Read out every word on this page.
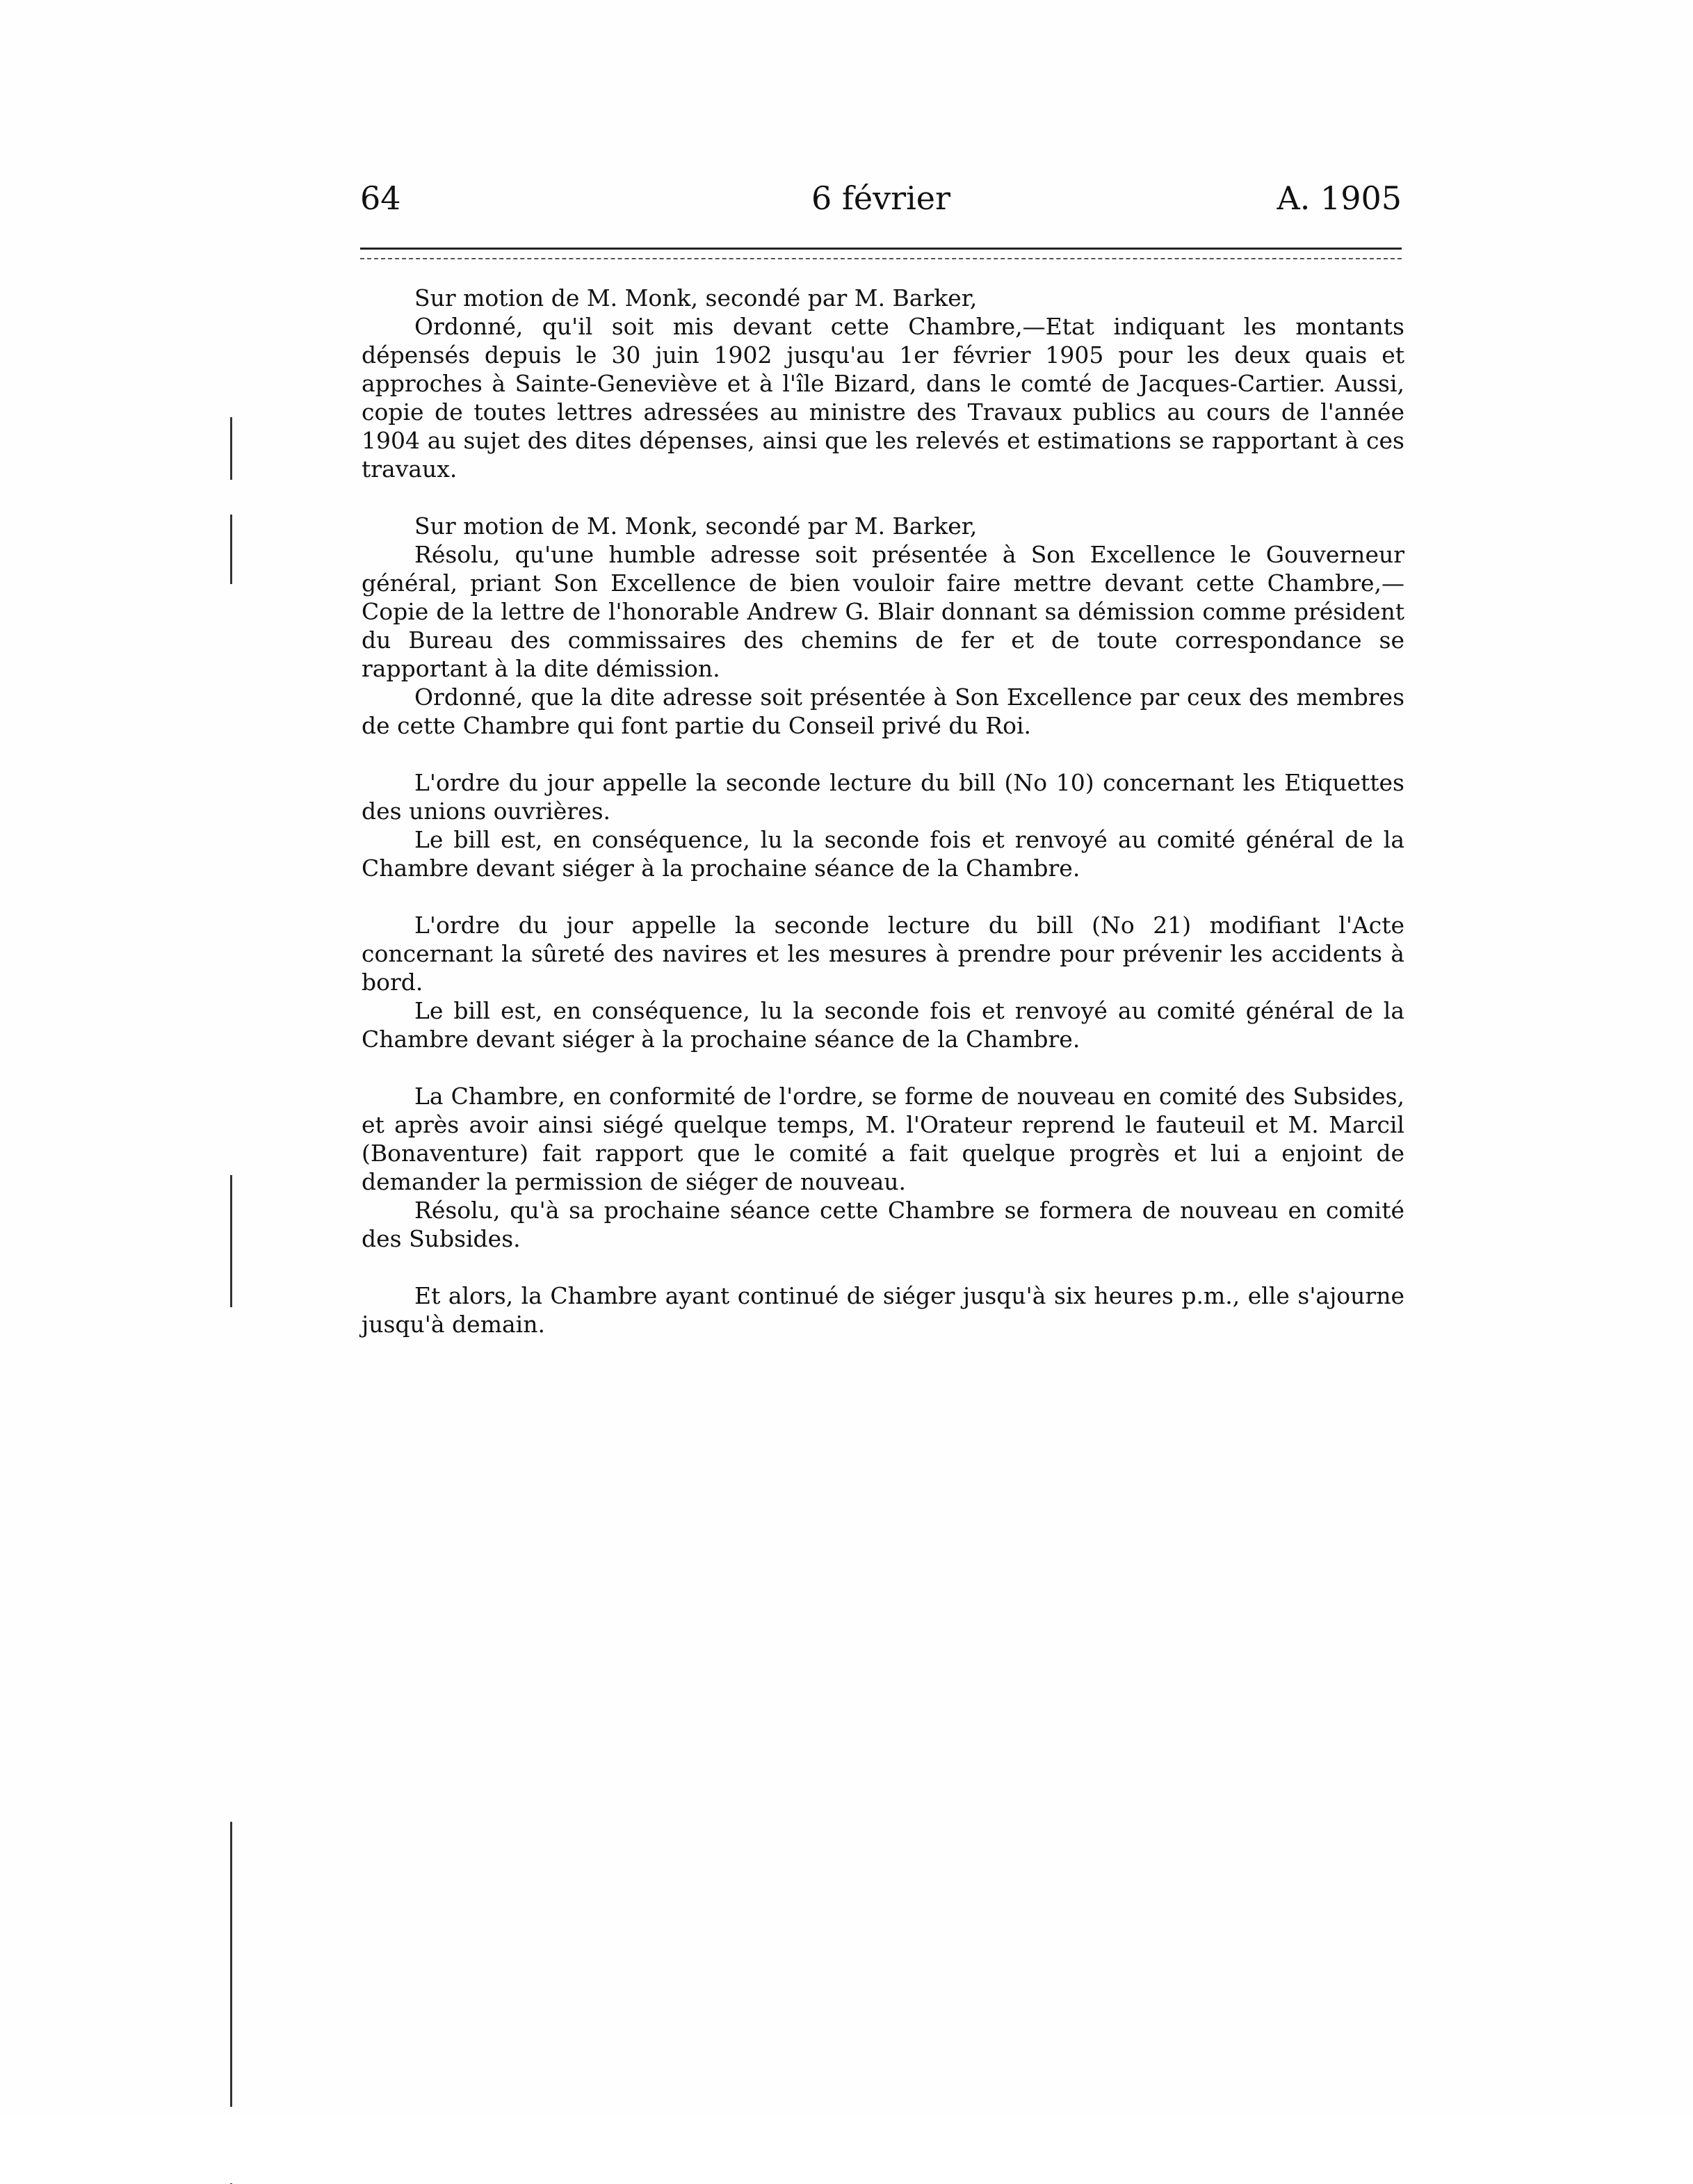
64	6 février	A. 1905

Sur motion de M. Monk, secondé par M. Barker,

Ordonné, qu'il soit mis devant cette Chambre,—Etat indiquant les montants dépensés depuis le 30 juin 1902 jusqu'au 1er février 1905 pour les deux quais et approches à Sainte-Geneviève et à l'île Bizard, dans le comté de Jacques-Cartier. Aussi, copie de toutes lettres adressées au ministre des Travaux publics au cours de l'année 1904 au sujet des dites dépenses, ainsi que les relevés et estimations se rapportant à ces travaux.

Sur motion de M. Monk, secondé par M. Barker,

Résolu, qu'une humble adresse soit présentée à Son Excellence le Gouverneur général, priant Son Excellence de bien vouloir faire mettre devant cette Chambre,—Copie de la lettre de l'honorable Andrew G. Blair donnant sa démission comme président du Bureau des commissaires des chemins de fer et de toute correspondance se rapportant à la dite démission.

Ordonné, que la dite adresse soit présentée à Son Excellence par ceux des membres de cette Chambre qui font partie du Conseil privé du Roi.

L'ordre du jour appelle la seconde lecture du bill (No 10) concernant les Etiquettes des unions ouvrières.

Le bill est, en conséquence, lu la seconde fois et renvoyé au comité général de la Chambre devant siéger à la prochaine séance de la Chambre.

L'ordre du jour appelle la seconde lecture du bill (No 21) modifiant l'Acte concernant la sûreté des navires et les mesures à prendre pour prévenir les accidents à bord.

Le bill est, en conséquence, lu la seconde fois et renvoyé au comité général de la Chambre devant siéger à la prochaine séance de la Chambre.

La Chambre, en conformité de l'ordre, se forme de nouveau en comité des Subsides, et après avoir ainsi siégé quelque temps, M. l'Orateur reprend le fauteuil et M. Marcil (Bonaventure) fait rapport que le comité a fait quelque progrès et lui a enjoint de demander la permission de siéger de nouveau.

Résolu, qu'à sa prochaine séance cette Chambre se formera de nouveau en comité des Subsides.

Et alors, la Chambre ayant continué de siéger jusqu'à six heures p.m., elle s'ajourne jusqu'à demain.
